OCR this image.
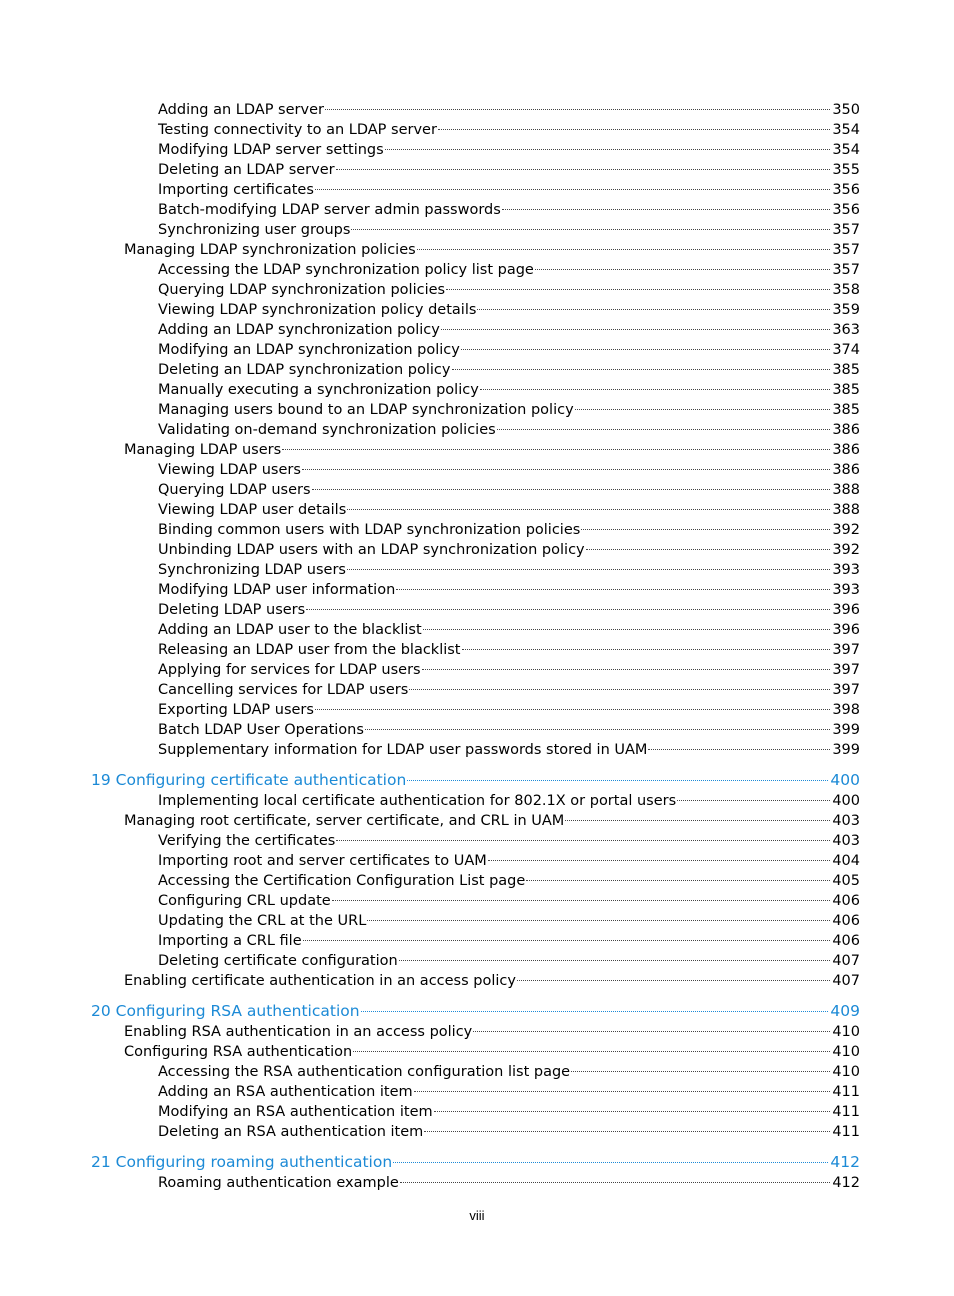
Adding an LDAP server	350
Testing connectivity to an LDAP server	354
Modifying LDAP server settings	354
Deleting an LDAP server	355
Importing certificates	356
Batch-modifying LDAP server admin passwords	356
Synchronizing user groups	357
Managing LDAP synchronization policies	357
Accessing the LDAP synchronization policy list page	357
Querying LDAP synchronization policies	358
Viewing LDAP synchronization policy details	359
Adding an LDAP synchronization policy	363
Modifying an LDAP synchronization policy	374
Deleting an LDAP synchronization policy	385
Manually executing a synchronization policy	385
Managing users bound to an LDAP synchronization policy	385
Validating on-demand synchronization policies	386
Managing LDAP users	386
Viewing LDAP users	386
Querying LDAP users	388
Viewing LDAP user details	388
Binding common users with LDAP synchronization policies	392
Unbinding LDAP users with an LDAP synchronization policy	392
Synchronizing LDAP users	393
Modifying LDAP user information	393
Deleting LDAP users	396
Adding an LDAP user to the blacklist	396
Releasing an LDAP user from the blacklist	397
Applying for services for LDAP users	397
Cancelling services for LDAP users	397
Exporting LDAP users	398
Batch LDAP User Operations	399
Supplementary information for LDAP user passwords stored in UAM	399
19 Configuring certificate authentication	400
Implementing local certificate authentication for 802.1X or portal users	400
Managing root certificate, server certificate, and CRL in UAM	403
Verifying the certificates	403
Importing root and server certificates to UAM	404
Accessing the Certification Configuration List page	405
Configuring CRL update	406
Updating the CRL at the URL	406
Importing a CRL file	406
Deleting certificate configuration	407
Enabling certificate authentication in an access policy	407
20 Configuring RSA authentication	409
Enabling RSA authentication in an access policy	410
Configuring RSA authentication	410
Accessing the RSA authentication configuration list page	410
Adding an RSA authentication item	411
Modifying an RSA authentication item	411
Deleting an RSA authentication item	411
21 Configuring roaming authentication	412
Roaming authentication example	412
viii
